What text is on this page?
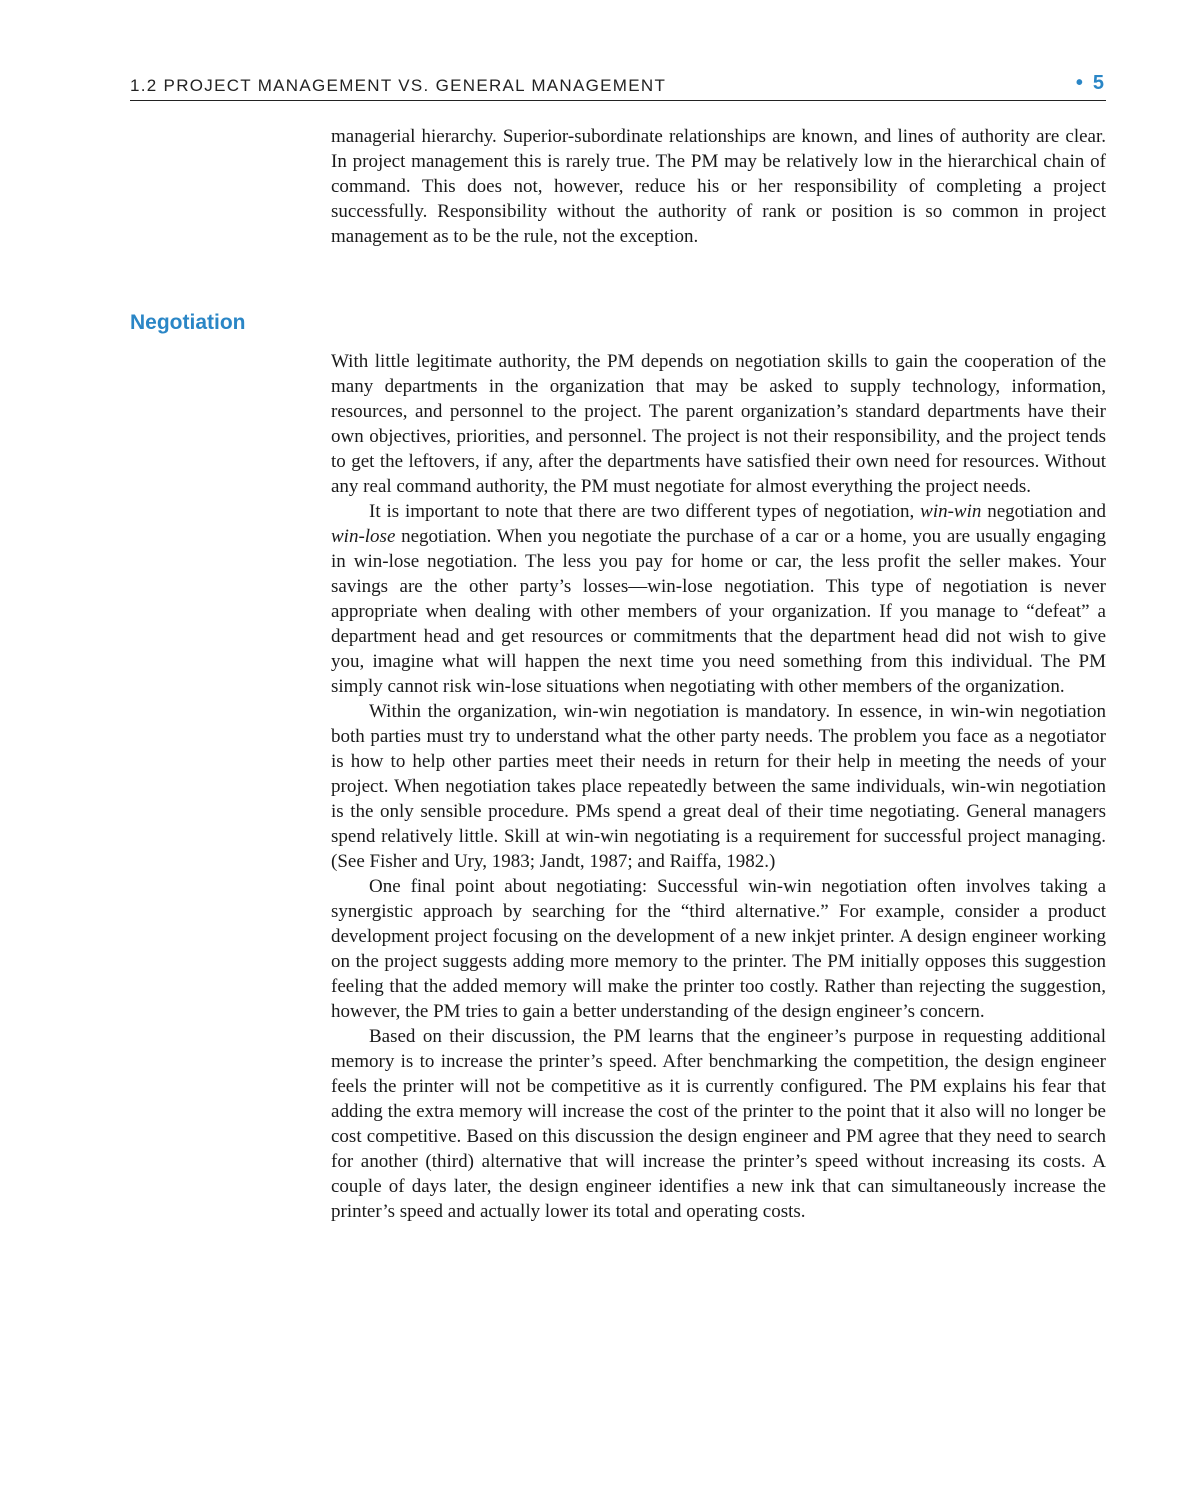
1.2 PROJECT MANAGEMENT VS. GENERAL MANAGEMENT	• 5

managerial hierarchy. Superior-subordinate relationships are known, and lines of authority are clear. In project management this is rarely true. The PM may be relatively low in the hierarchical chain of command. This does not, however, reduce his or her responsibility of completing a project successfully. Responsibility without the authority of rank or position is so common in project management as to be the rule, not the exception.

Negotiation

With little legitimate authority, the PM depends on negotiation skills to gain the cooperation of the many departments in the organization that may be asked to supply technology, information, resources, and personnel to the project. The parent organization’s standard departments have their own objectives, priorities, and personnel. The project is not their responsibility, and the project tends to get the leftovers, if any, after the departments have satisfied their own need for resources. Without any real command authority, the PM must negotiate for almost everything the project needs.

It is important to note that there are two different types of negotiation, win-win negotiation and win-lose negotiation. When you negotiate the purchase of a car or a home, you are usually engaging in win-lose negotiation. The less you pay for home or car, the less profit the seller makes. Your savings are the other party’s losses—win-lose negotiation. This type of negotiation is never appropriate when dealing with other members of your organization. If you manage to “defeat” a department head and get resources or commitments that the department head did not wish to give you, imagine what will happen the next time you need something from this individual. The PM simply cannot risk win-lose situations when negotiating with other members of the organization.

Within the organization, win-win negotiation is mandatory. In essence, in win-win negotiation both parties must try to understand what the other party needs. The problem you face as a negotiator is how to help other parties meet their needs in return for their help in meeting the needs of your project. When negotiation takes place repeatedly between the same individuals, win-win negotiation is the only sensible procedure. PMs spend a great deal of their time negotiating. General managers spend relatively little. Skill at win-win negotiating is a requirement for successful project managing. (See Fisher and Ury, 1983; Jandt, 1987; and Raiffa, 1982.)

One final point about negotiating: Successful win-win negotiation often involves taking a synergistic approach by searching for the “third alternative.” For example, consider a product development project focusing on the development of a new inkjet printer. A design engineer working on the project suggests adding more memory to the printer. The PM initially opposes this suggestion feeling that the added memory will make the printer too costly. Rather than rejecting the suggestion, however, the PM tries to gain a better understanding of the design engineer’s concern.

Based on their discussion, the PM learns that the engineer’s purpose in requesting additional memory is to increase the printer’s speed. After benchmarking the competition, the design engineer feels the printer will not be competitive as it is currently configured. The PM explains his fear that adding the extra memory will increase the cost of the printer to the point that it also will no longer be cost competitive. Based on this discussion the design engineer and PM agree that they need to search for another (third) alternative that will increase the printer’s speed without increasing its costs. A couple of days later, the design engineer identifies a new ink that can simultaneously increase the printer’s speed and actually lower its total and operating costs.
